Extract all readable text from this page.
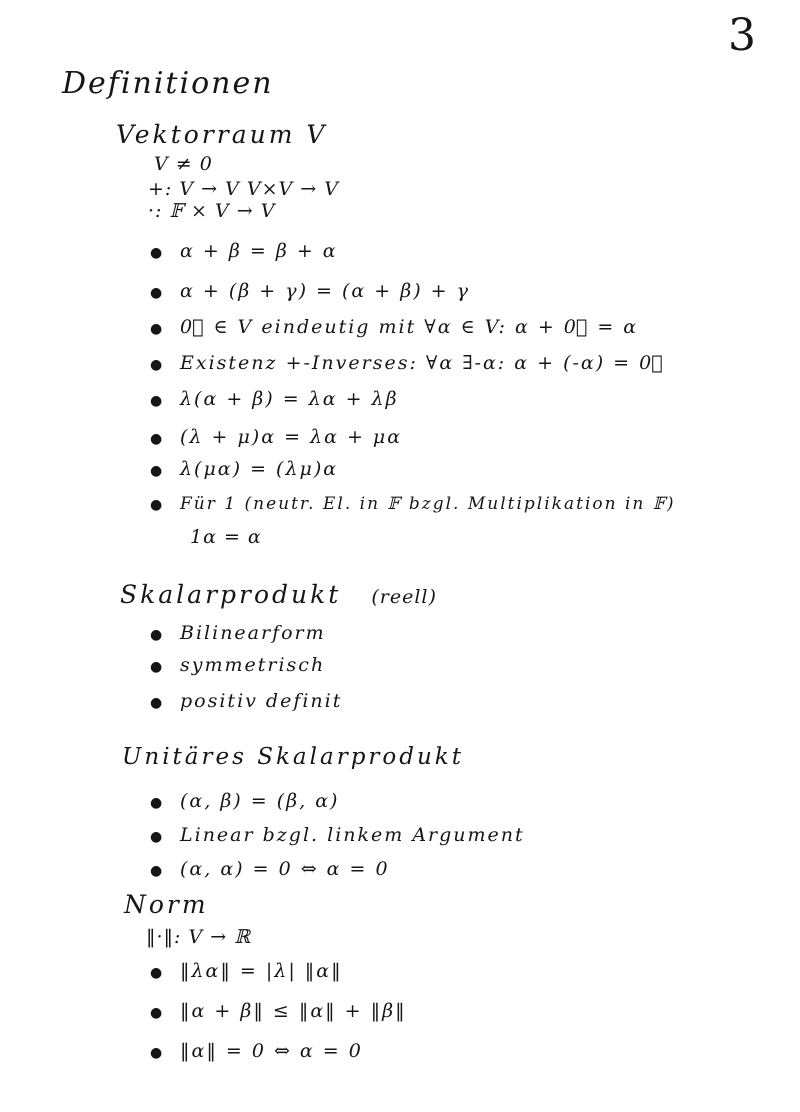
3
Definitionen
Vektorraum V
V ≠ 0
+: V → V V×V → V
·: 𝔽 × V → V
● α + β = β + α
● α + (β + γ) = (α + β) + γ
● 0⃗ ∈ V eindeutig mit ∀α ∈ V: α + 0⃗ = α
● Existenz +-Inverses: ∀α ∃-α: α + (-α) = 0⃗
● λ(α + β) = λα + λβ
● (λ + μ)α = λα + μα
● λ(μα) = (λμ)α
● Für 1 (neutr. El. in 𝔽 bzgl. Multiplikation in 𝔽)
1α = α
Skalarprodukt (reell)
● Bilinearform
● symmetrisch
● positiv definit
Unitäres Skalarprodukt
● (α, β) = (β, α)
● Linear bzgl. linkem Argument
● (α, α) = 0 ⇔ α = 0
Norm
‖·‖: V → ℝ
● ‖λα‖ = |λ| ‖α‖
● ‖α + β‖ ≤ ‖α‖ + ‖β‖
● ‖α‖ = 0 ⇔ α = 0
